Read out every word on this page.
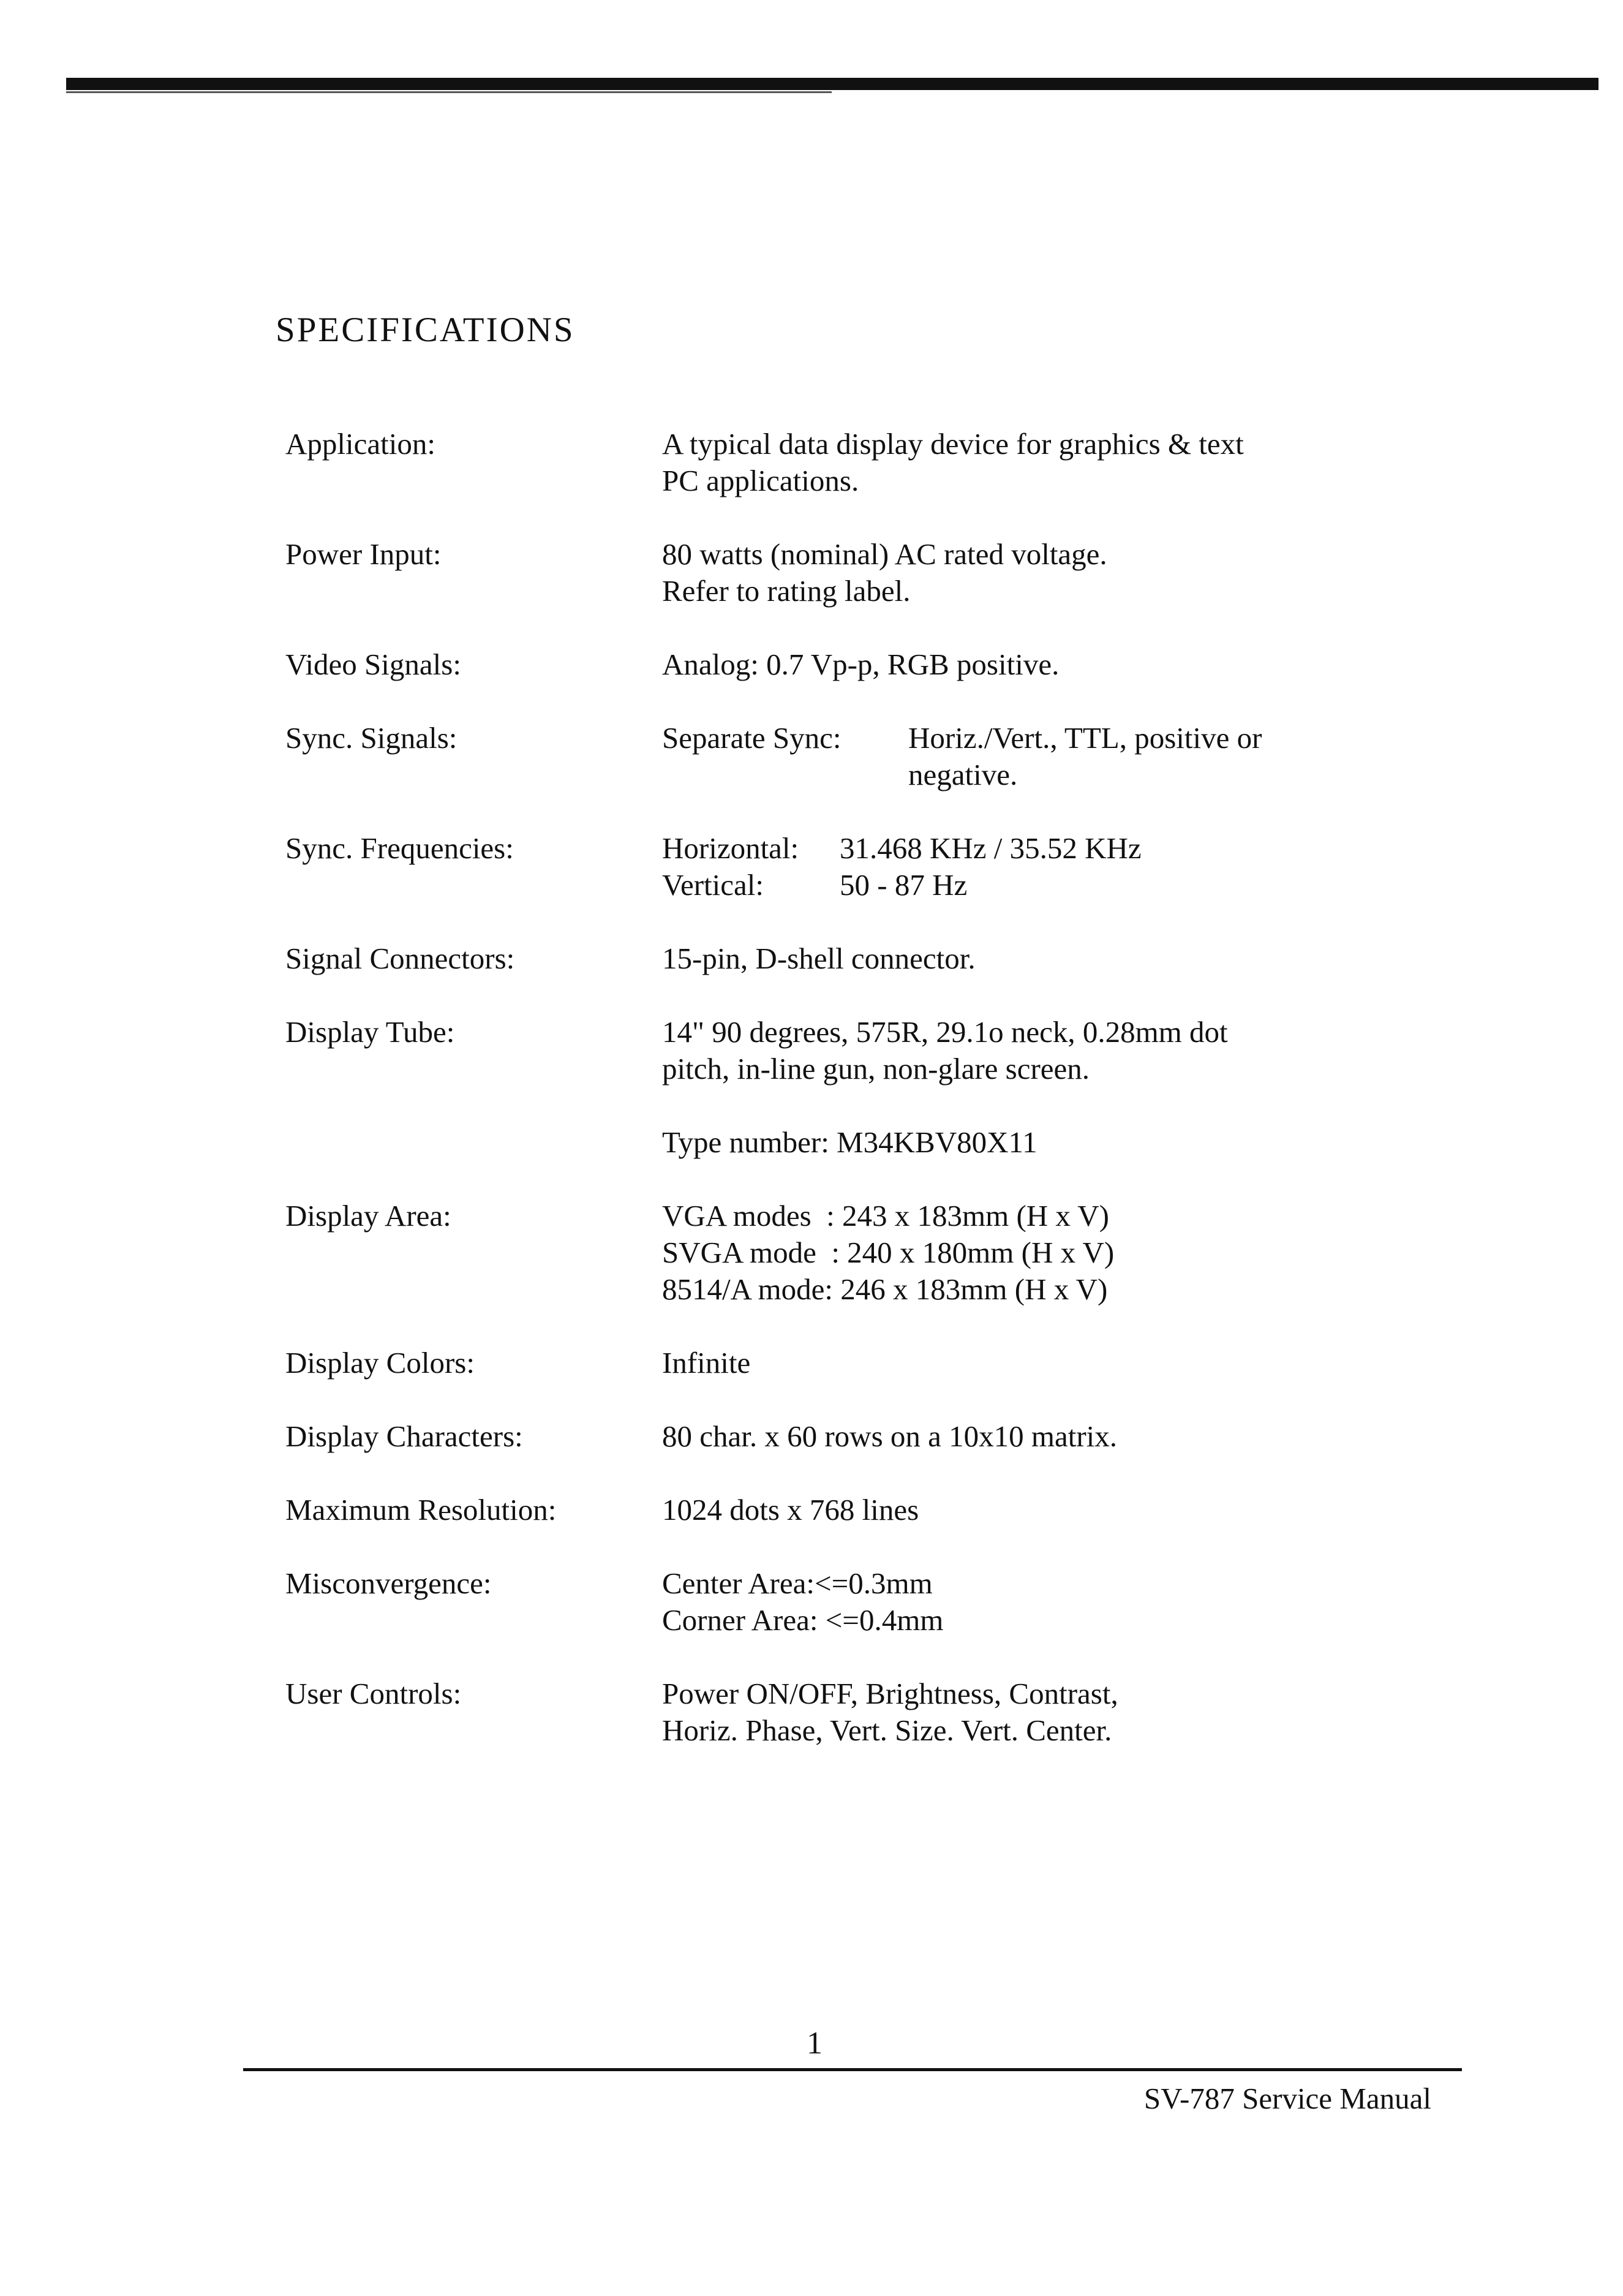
SPECIFICATIONS
Application:	A typical data display device for graphics & text
PC applications.
Power Input:	80 watts (nominal) AC rated voltage.
Refer to rating label.
Video Signals:	Analog: 0.7 Vp-p, RGB positive.
Sync. Signals:	Separate Sync:	Horiz./Vert., TTL, positive or
negative.
Sync. Frequencies:	Horizontal:	31.468 KHz / 35.52 KHz
Vertical:	50 - 87 Hz
Signal Connectors:	15-pin, D-shell connector.
Display Tube:	14" 90 degrees, 575R, 29.1o neck, 0.28mm dot
pitch, in-line gun, non-glare screen.
Type number: M34KBV80X11
Display Area:	VGA modes  : 243 x 183mm (H x V)
SVGA mode  : 240 x 180mm (H x V)
8514/A mode: 246 x 183mm (H x V)
Display Colors:	Infinite
Display Characters:	80 char. x 60 rows on a 10x10 matrix.
Maximum Resolution:	1024 dots x 768 lines
Misconvergence:	Center Area:<=0.3mm
Corner Area: <=0.4mm
User Controls:	Power ON/OFF, Brightness, Contrast,
Horiz. Phase, Vert. Size. Vert. Center.
1
SV-787 Service Manual
